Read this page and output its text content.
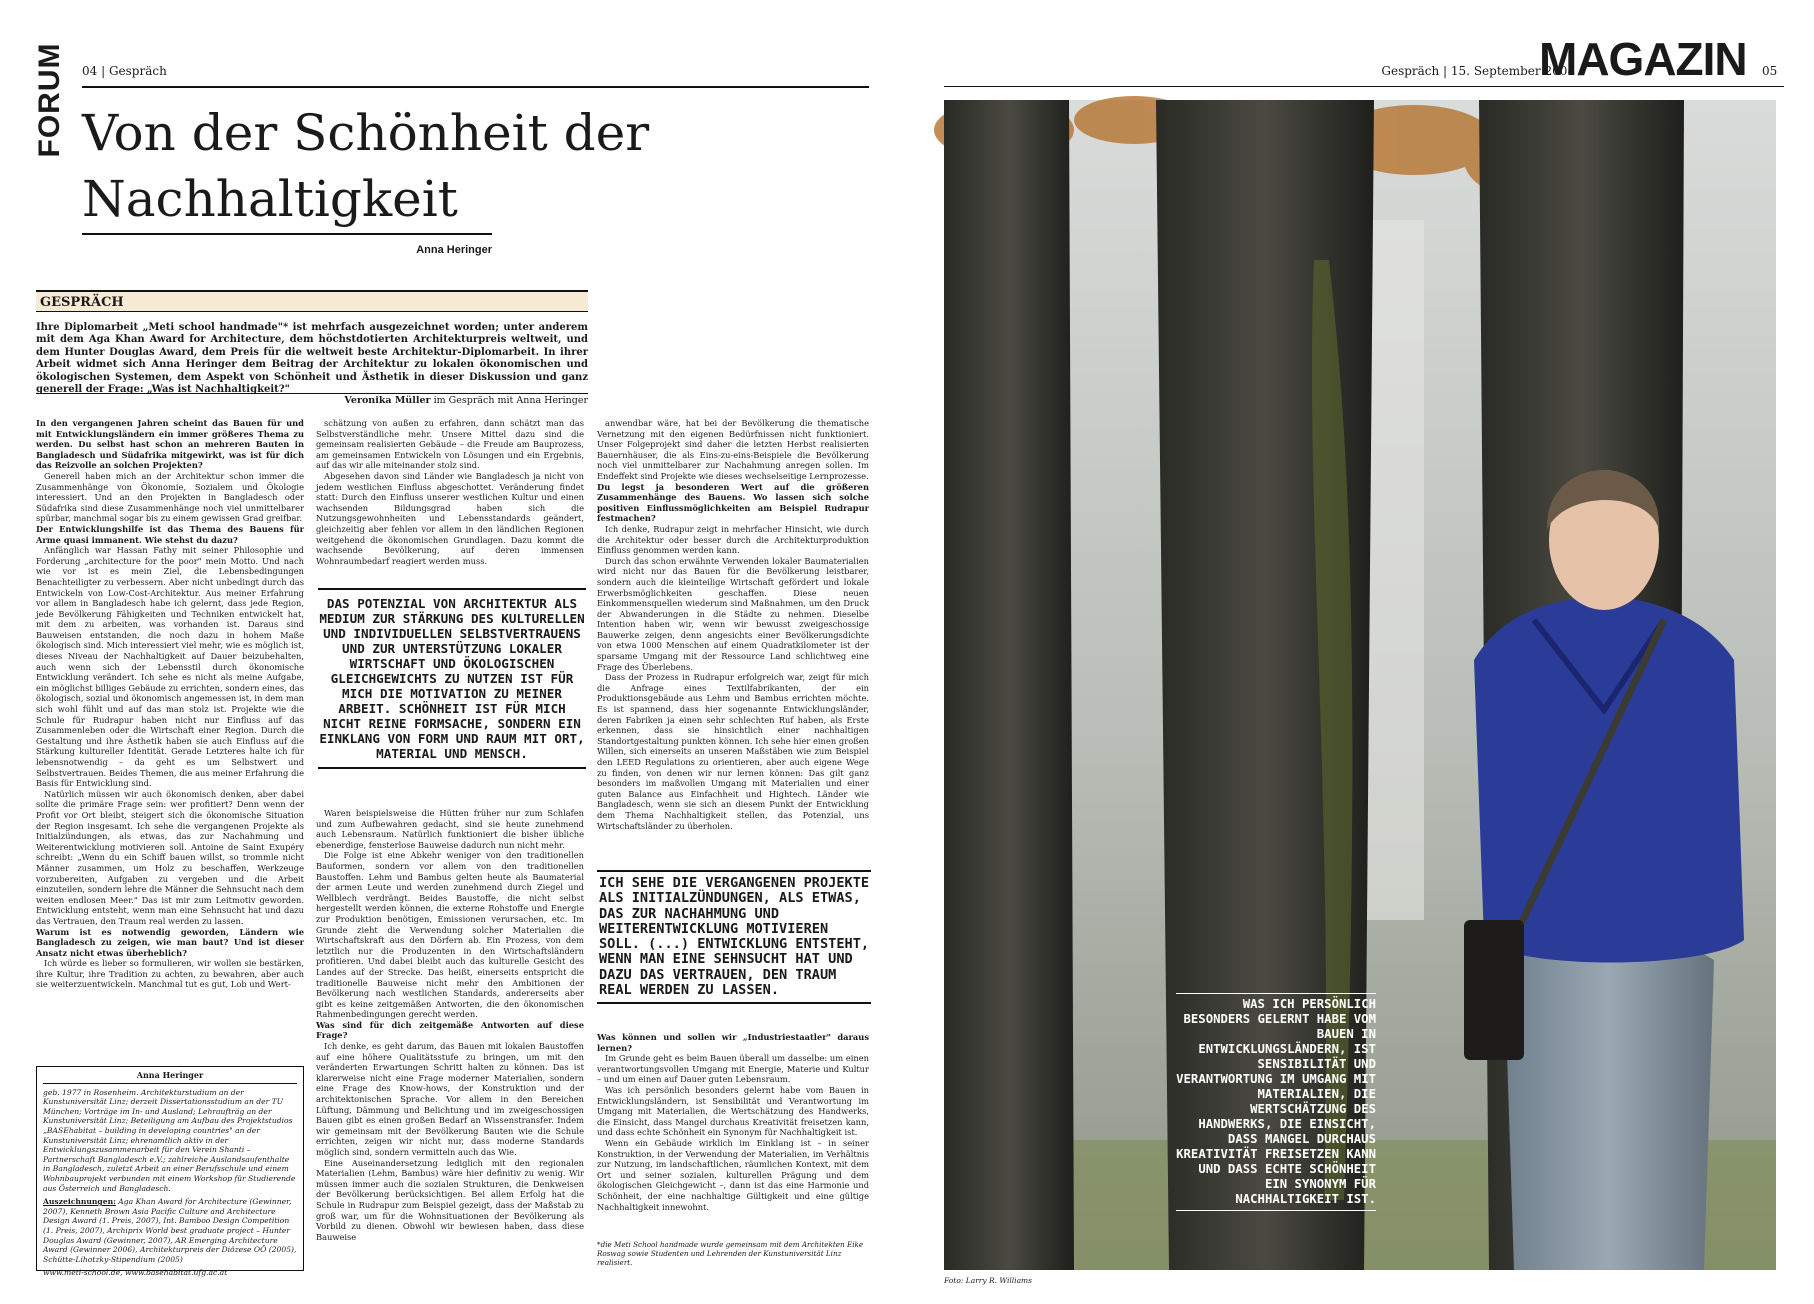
FORUM	04 | Gespräch
Von der Schönheit der Nachhaltigkeit
Anna Heringer
GESPRÄCH
Ihre Diplomarbeit „Meti school handmade"* ist mehrfach ausgezeichnet worden; unter anderem mit dem Aga Khan Award for Architecture, dem höchstdotierten Architekturpreis weltweit, und dem Hunter Douglas Award, dem Preis für die weltweit beste Architektur-Diplomarbeit. In ihrer Arbeit widmet sich Anna Heringer dem Beitrag der Architektur zu lokalen ökonomischen und ökologischen Systemen, dem Aspekt von Schönheit und Ästhetik in dieser Diskussion und ganz generell der Frage: „Was ist Nachhaltigkeit?"
Veronika Müller im Gespräch mit Anna Heringer

In den vergangenen Jahren scheint das Bauen für und mit Entwicklungsländern ein immer größeres Thema zu werden. Du selbst hast schon an mehreren Bauten in Bangladesch und Südafrika mitgewirkt, was ist für dich das Reizvolle an solchen Projekten?

Generell haben mich an der Architektur schon immer die Zusammenhänge von Ökonomie, Sozialem und Ökologie interessiert. Und an den Projekten in Bangladesch oder Südafrika sind diese Zusammenhänge noch viel unmittelbarer spürbar, manchmal sogar bis zu einem gewissen Grad greifbar.

Der Entwicklungshilfe ist das Thema des Bauens für Arme quasi immanent. Wie stehst du dazu?

Anfänglich war Hassan Fathy mit seiner Philosophie und Forderung „architecture for the poor" mein Motto. Und nach wie vor ist es mein Ziel, die Lebensbedingungen Benachteiligter zu verbessern. Aber nicht unbedingt durch das Entwickeln von Low-Cost-Architektur. Aus meiner Erfahrung vor allem in Bangladesch habe ich gelernt, dass jede Region, jede Bevölkerung Fähigkeiten und Techniken entwickelt hat, mit dem zu arbeiten, was vorhanden ist. Daraus sind Bauweisen entstanden, die noch dazu in hohem Maße ökologisch sind. Mich interessiert viel mehr, wie es möglich ist, dieses Niveau der Nachhaltigkeit auf Dauer beizubehalten, auch wenn sich der Lebensstil durch ökonomische Entwicklung verändert. Ich sehe es nicht als meine Aufgabe, ein möglichst billiges Gebäude zu errichten, sondern eines, das ökologisch, sozial und ökonomisch angemessen ist, in dem man sich wohl fühlt und auf das man stolz ist. Projekte wie die Schule für Rudrapur haben nicht nur Einfluss auf das Zusammenleben oder die Wirtschaft einer Region. Durch die Gestaltung und ihre Ästhetik haben sie auch Einfluss auf die Stärkung kultureller Identität. Gerade Letzteres halte ich für lebensnotwendig – da geht es um Selbstwert und Selbstvertrauen. Beides Themen, die aus meiner Erfahrung die Basis für Entwicklung sind.

Natürlich müssen wir auch ökonomisch denken, aber dabei sollte die primäre Frage sein: wer profitiert? Denn wenn der Profit vor Ort bleibt, steigert sich die ökonomische Situation der Region insgesamt. Ich sehe die vergangenen Projekte als Initialzündungen, als etwas, das zur Nachahmung und Weiterentwicklung motivieren soll. Antoine de Saint Exupéry schreibt: „Wenn du ein Schiff bauen willst, so trommle nicht Männer zusammen, um Holz zu beschaffen, Werkzeuge vorzubereiten, Aufgaben zu vergeben und die Arbeit einzuteilen, sondern lehre die Männer die Sehnsucht nach dem weiten endlosen Meer." Das ist mir zum Leitmotiv geworden. Entwicklung entsteht, wenn man eine Sehnsucht hat und dazu das Vertrauen, den Traum real werden zu lassen.

Warum ist es notwendig geworden, Ländern wie Bangladesch zu zeigen, wie man baut? Und ist dieser Ansatz nicht etwas überheblich?

Ich würde es lieber so formulieren, wir wollen sie bestärken, ihre Kultur, ihre Tradition zu achten, zu bewahren, aber auch sie weiterzuentwickeln. Manchmal tut es gut, Lob und Wert-

schätzung von außen zu erfahren, dann schätzt man das Selbstverständliche mehr. Unsere Mittel dazu sind die gemeinsam realisierten Gebäude – die Freude am Bauprozess, am gemeinsamen Entwickeln von Lösungen und ein Ergebnis, auf das wir alle miteinander stolz sind.

Abgesehen davon sind Länder wie Bangladesch ja nicht von jedem westlichen Einfluss abgeschottet. Veränderung findet statt: Durch den Einfluss unserer westlichen Kultur und einen wachsenden Bildungsgrad haben sich die Nutzungsgewohnheiten und Lebensstandards geändert, gleichzeitig aber fehlen vor allem in den ländlichen Regionen weitgehend die ökonomischen Grundlagen. Dazu kommt die wachsende Bevölkerung, auf deren immensen Wohnraumbedarf reagiert werden muss.

DAS POTENZIAL VON ARCHITEKTUR ALS MEDIUM ZUR STÄRKUNG DES KULTURELLEN UND INDIVIDUELLEN SELBSTVERTRAUENS UND ZUR UNTERSTÜTZUNG LOKALER WIRTSCHAFT UND ÖKOLOGISCHEN GLEICHGEWICHTS ZU NUTZEN IST FÜR MICH DIE MOTIVATION ZU MEINER ARBEIT. SCHÖNHEIT IST FÜR MICH NICHT REINE FORMSACHE, SONDERN EIN EINKLANG VON FORM UND RAUM MIT ORT, MATERIAL UND MENSCH.

Waren beispielsweise die Hütten früher nur zum Schlafen und zum Aufbewahren gedacht, sind sie heute zunehmend auch Lebensraum. Natürlich funktioniert die bisher übliche ebenerdige, fensterlose Bauweise dadurch nun nicht mehr.

Die Folge ist eine Abkehr weniger von den traditionellen Bauformen, sondern vor allem von den traditionellen Baustoffen. Lehm und Bambus gelten heute als Baumaterial der armen Leute und werden zunehmend durch Ziegel und Wellblech verdrängt. Beides Baustoffe, die nicht selbst hergestellt werden können, die externe Rohstoffe und Energie zur Produktion benötigen, Emissionen verursachen, etc. Im Grunde zieht die Verwendung solcher Materialien die Wirtschaftskraft aus den Dörfern ab. Ein Prozess, von dem letztlich nur die Produzenten in den Wirtschaftsländern profitieren. Und dabei bleibt auch das kulturelle Gesicht des Landes auf der Strecke. Das heißt, einerseits entspricht die traditionelle Bauweise nicht mehr den Ambitionen der Bevölkerung nach westlichen Standards, andererseits aber gibt es keine zeitgemäßen Antworten, die den ökonomischen Rahmenbedingungen gerecht werden.

Was sind für dich zeitgemäße Antworten auf diese Frage?

Ich denke, es geht darum, das Bauen mit lokalen Baustoffen auf eine höhere Qualitätsstufe zu bringen, um mit den veränderten Erwartungen Schritt halten zu können. Das ist klarerweise nicht eine Frage moderner Materialien, sondern eine Frage des Know-hows, der Konstruktion und der architektonischen Sprache. Vor allem in den Bereichen Lüftung, Dämmung und Belichtung und im zweigeschossigen Bauen gibt es einen großen Bedarf an Wissenstransfer. Indem wir gemeinsam mit der Bevölkerung Bauten wie die Schule errichten, zeigen wir nicht nur, dass moderne Standards möglich sind, sondern vermitteln auch das Wie.

Eine Auseinandersetzung lediglich mit den regionalen Materialien (Lehm, Bambus) wäre hier definitiv zu wenig. Wir müssen immer auch die sozialen Strukturen, die Denkweisen der Bevölkerung berücksichtigen. Bei allem Erfolg hat die Schule in Rudrapur zum Beispiel gezeigt, dass der Maßstab zu groß war, um für die Wohnsituationen der Bevölkerung als Vorbild zu dienen. Obwohl wir bewiesen haben, dass diese Bauweise

anwendbar wäre, hat bei der Bevölkerung die thematische Vernetzung mit den eigenen Bedürfnissen nicht funktioniert. Unser Folgeprojekt sind daher die letzten Herbst realisierten Bauernhäuser, die als Eins-zu-eins-Beispiele die Bevölkerung noch viel unmittelbarer zur Nachahmung anregen sollen. Im Endeffekt sind Projekte wie dieses wechselseitige Lernprozesse.

Du legst ja besonderen Wert auf die größeren Zusammenhänge des Bauens. Wo lassen sich solche positiven Einflussmöglichkeiten am Beispiel Rudrapur festmachen?

Ich denke, Rudrapur zeigt in mehrfacher Hinsicht, wie durch die Architektur oder besser durch die Architekturproduktion Einfluss genommen werden kann.

Durch das schon erwähnte Verwenden lokaler Baumaterialien wird nicht nur das Bauen für die Bevölkerung leistbarer, sondern auch die kleinteilige Wirtschaft gefördert und lokale Erwerbsmöglichkeiten geschaffen. Diese neuen Einkommensquellen wiederum sind Maßnahmen, um den Druck der Abwanderungen in die Städte zu nehmen. Dieselbe Intention haben wir, wenn wir bewusst zweigeschossige Bauwerke zeigen, denn angesichts einer Bevölkerungsdichte von etwa 1000 Menschen auf einem Quadratkilometer ist der sparsame Umgang mit der Ressource Land schlichtweg eine Frage des Überlebens.

Dass der Prozess in Rudrapur erfolgreich war, zeigt für mich die Anfrage eines Textilfabrikanten, der ein Produktionsgebäude aus Lehm und Bambus errichten möchte. Es ist spannend, dass hier sogenannte Entwicklungsländer, deren Fabriken ja einen sehr schlechten Ruf haben, als Erste erkennen, dass sie hinsichtlich einer nachhaltigen Standortgestaltung punkten können. Ich sehe hier einen großen Willen, sich einerseits an unseren Maßstäben wie zum Beispiel den LEED Regulations zu orientieren, aber auch eigene Wege zu finden, von denen wir nur lernen können: Das gilt ganz besonders im maßvollen Umgang mit Materialien und einer guten Balance aus Einfachheit und Hightech. Länder wie Bangladesch, wenn sie sich an diesem Punkt der Entwicklung dem Thema Nachhaltigkeit stellen, das Potenzial, uns Wirtschaftsländer zu überholen.

ICH SEHE DIE VERGANGENEN PROJEKTE ALS INITIALZÜNDUNGEN, ALS ETWAS, DAS ZUR NACHAHMUNG UND WEITERENTWICKLUNG MOTIVIEREN SOLL. (...) ENTWICKLUNG ENTSTEHT, WENN MAN EINE SEHNSUCHT HAT UND DAZU DAS VERTRAUEN, DEN TRAUM REAL WERDEN ZU LASSEN.

Was können und sollen wir „Industriestaatler" daraus lernen?

Im Grunde geht es beim Bauen überall um dasselbe: um einen verantwortungsvollen Umgang mit Energie, Materie und Kultur – und um einen auf Dauer guten Lebensraum.

Was ich persönlich besonders gelernt habe vom Bauen in Entwicklungsländern, ist Sensibilität und Verantwortung im Umgang mit Materialien, die Wertschätzung des Handwerks, die Einsicht, dass Mangel durchaus Kreativität freisetzen kann, und dass echte Schönheit ein Synonym für Nachhaltigkeit ist.

Wenn ein Gebäude wirklich im Einklang ist – in seiner Konstruktion, in der Verwendung der Materialien, im Verhältnis zur Nutzung, im landschaftlichen, räumlichen Kontext, mit dem Ort und seiner sozialen, kulturellen Prägung und dem ökologischen Gleichgewicht –, dann ist das eine Harmonie und Schönheit, der eine nachhaltige Gültigkeit und eine gültige Nachhaltigkeit innewohnt.

*die Meti School handmade wurde gemeinsam mit dem Architekten Eike Roswag sowie Studenten und Lehrenden der Kunstuniversität Linz realisiert.
Anna Heringer

geb. 1977 in Rosenheim. Architekturstudium an der Kunstuniversität Linz; derzeit Dissertationsstudium an der TU München; Vorträge im In- und Ausland; Lehraufträg an der Kunstuniversität Linz; Beteiligung am Aufbau des Projektstudios „BASEhabitat – building in developing countries" an der Kunstuniversität Linz; ehrenamtlich aktiv in der Entwicklungszusammenarbeit für den Verein Shanti – Partnerschaft Bangladesch e.V.; zahlreiche Auslandsaufenthalte in Bangladesch, zuletzt Arbeit an einer Berufsschule und einem Wohnbauprojekt verbunden mit einem Workshop für Studierende aus Österreich und Bangladesch.

Auszeichnungen: Aga Khan Award for Architecture (Gewinner, 2007), Kenneth Brown Asia Pacific Culture and Architecture Design Award (1. Preis, 2007), Int. Bamboo Design Competition (1. Preis, 2007), Archiprix World best graduate project – Hunter Douglas Award (Gewinner, 2007), AR Emerging Architecture Award (Gewinner 2006), Architekturpreis der Diözese OÖ (2005), Schütte-Lihotzky-Stipendium (2005)

www.meti-school.de, www.basehabitat.ufg.ac.at
Gespräch | 15. September 2008
MAGAZIN 05
WAS ICH PERSÖNLICH BESONDERS GELERNT HABE VOM BAUEN IN ENTWICKLUNGSLÄNDERN, IST SENSIBILITÄT UND VERANTWORTUNG IM UMGANG MIT MATERIALIEN, DIE WERTSCHÄTZUNG DES HANDWERKS, DIE EINSICHT, DASS MANGEL DURCHAUS KREATIVITÄT FREISETZEN KANN UND DASS ECHTE SCHÖNHEIT EIN SYNONYM FÜR NACHHALTIGKEIT IST.
Foto: Larry R. Williams
